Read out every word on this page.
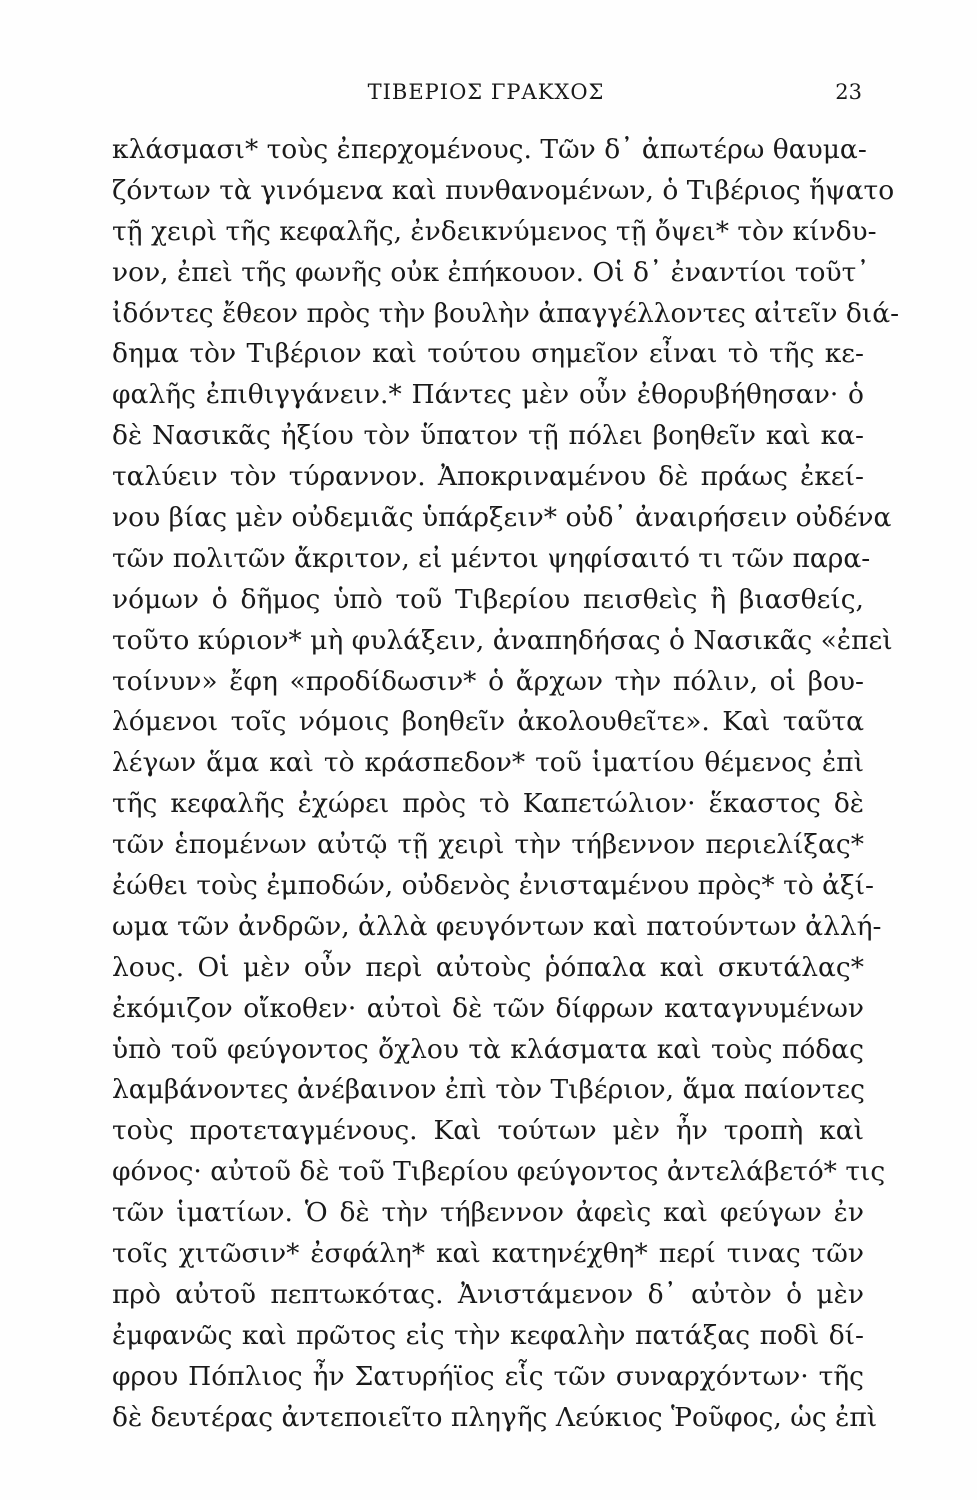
ΤΙΒΕΡΙΟΣ ΓΡΑΚΧΟΣ	23
κλάσμασι* τοὺς ἐπερχομένους. Τῶν δ᾽ ἀπωτέρω θαυμα-
ζόντων τὰ γινόμενα καὶ πυνθανομένων, ὁ Τιβέριος ἥψατο
τῇ χειρὶ τῆς κεφαλῆς, ἐνδεικνύμενος τῇ ὄψει* τὸν κίνδυ-
νον, ἐπεὶ τῆς φωνῆς οὐκ ἐπήκουον. Οἱ δ᾽ ἐναντίοι τοῦτ᾽
ἰδόντες ἔθεον πρὸς τὴν βουλὴν ἀπαγγέλλοντες αἰτεῖν διά-
δημα τὸν Τιβέριον καὶ τούτου σημεῖον εἶναι τὸ τῆς κε-
φαλῆς ἐπιθιγγάνειν.* Πάντες μὲν οὖν ἐθορυβήθησαν· ὁ
δὲ Νασικᾶς ἠξίου τὸν ὕπατον τῇ πόλει βοηθεῖν καὶ κα-
ταλύειν τὸν τύραννον. Ἀποκριναμένου δὲ πράως ἐκεί-
νου βίας μὲν οὐδεμιᾶς ὑπάρξειν* οὐδ᾽ ἀναιρήσειν οὐδένα
τῶν πολιτῶν ἄκριτον, εἰ μέντοι ψηφίσαιτό τι τῶν παρα-
νόμων ὁ δῆμος ὑπὸ τοῦ Τιβερίου πεισθεὶς ἢ βιασθείς,
τοῦτο κύριον* μὴ φυλάξειν, ἀναπηδήσας ὁ Νασικᾶς «ἐπεὶ
τοίνυν» ἔφη «προδίδωσιν* ὁ ἄρχων τὴν πόλιν, οἱ βου-
λόμενοι τοῖς νόμοις βοηθεῖν ἀκολουθεῖτε». Καὶ ταῦτα
λέγων ἅμα καὶ τὸ κράσπεδον* τοῦ ἱματίου θέμενος ἐπὶ
τῆς κεφαλῆς ἐχώρει πρὸς τὸ Καπετώλιον· ἕκαστος δὲ
τῶν ἑπομένων αὐτῷ τῇ χειρὶ τὴν τήβεννον περιελίξας*
ἐώθει τοὺς ἐμποδών, οὐδενὸς ἐνισταμένου πρὸς* τὸ ἀξί-
ωμα τῶν ἀνδρῶν, ἀλλὰ φευγόντων καὶ πατούντων ἀλλή-
λους. Οἱ μὲν οὖν περὶ αὐτοὺς ῥόπαλα καὶ σκυτάλας*
ἐκόμιζον οἴκοθεν· αὐτοὶ δὲ τῶν δίφρων καταγνυμένων
ὑπὸ τοῦ φεύγοντος ὄχλου τὰ κλάσματα καὶ τοὺς πόδας
λαμβάνοντες ἀνέβαινον ἐπὶ τὸν Τιβέριον, ἅμα παίοντες
τοὺς προτεταγμένους. Καὶ τούτων μὲν ἦν τροπὴ καὶ
φόνος· αὐτοῦ δὲ τοῦ Τιβερίου φεύγοντος ἀντελάβετό* τις
τῶν ἱματίων. Ὁ δὲ τὴν τήβεννον ἀφεὶς καὶ φεύγων ἐν
τοῖς χιτῶσιν* ἐσφάλη* καὶ κατηνέχθη* περί τινας τῶν
πρὸ αὐτοῦ πεπτωκότας. Ἀνιστάμενον δ᾽ αὐτὸν ὁ μὲν
ἐμφανῶς καὶ πρῶτος εἰς τὴν κεφαλὴν πατάξας ποδὶ δί-
φρου Πόπλιος ἦν Σατυρήϊος εἷς τῶν συναρχόντων· τῆς
δὲ δευτέρας ἀντεποιεῖτο πληγῆς Λεύκιος Ῥοῦφος, ὡς ἐπὶ
